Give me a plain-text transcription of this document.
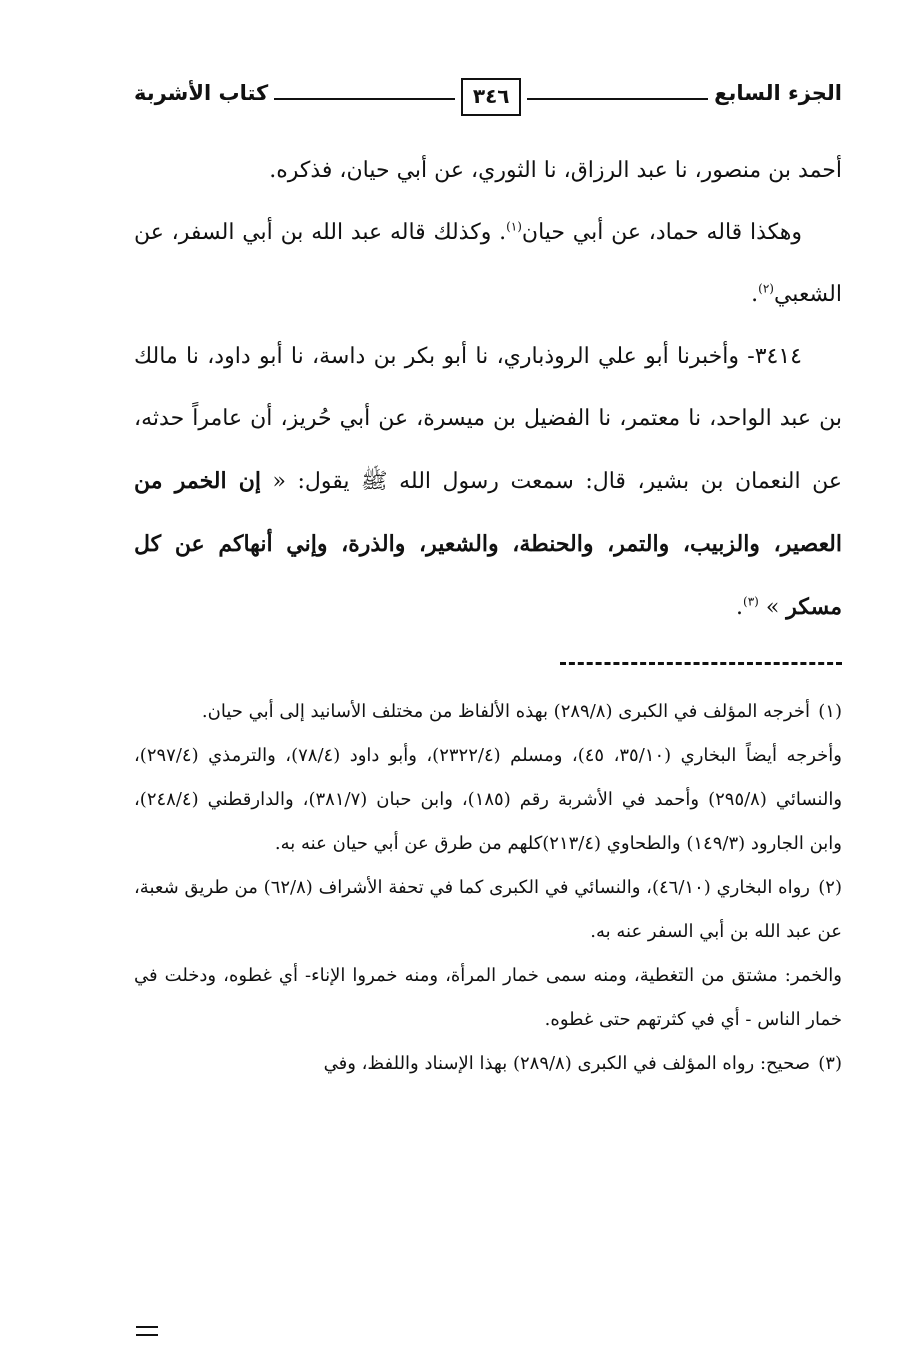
الجزء السابع
٣٤٦
كتاب الأشربة

أحمد بن منصور، نا عبد الرزاق، نا الثوري، عن أبي حيان، فذكره.

وهكذا قاله حماد، عن أبي حيان$^{(١)}$. وكذلك قاله عبد الله بن أبي السفر، عن الشعبي$^{(٢)}$.

٣٤١٤- وأخبرنا أبو علي الروذباري، نا أبو بكر بن داسة، نا أبو داود، نا مالك بن عبد الواحد، نا معتمر، نا الفضيل بن ميسرة، عن أبي حُريز، أن عامراً حدثه، عن النعمان بن بشير، قال: سمعت رسول الله ﷺ يقول: « إن الخمر من العصير، والزبيب، والتمر، والحنطة، والشعير، والذرة، وإني أنهاكم عن كل مسكر » $^{(٣)}$.

(١)أخرجه المؤلف في الكبرى (٢٨٩/٨) بهذه الألفاظ من مختلف الأسانيد إلى أبي حيان.

وأخرجه أيضاً البخاري (٣٥/١٠، ٤٥)، ومسلم (٢٣٢٢/٤)، وأبو داود (٧٨/٤)، والترمذي (٢٩٧/٤)، والنسائي (٢٩٥/٨) وأحمد في الأشربة رقم (١٨٥)، وابن حبان (٣٨١/٧)، والدارقطني (٢٤٨/٤)، وابن الجارود (١٤٩/٣) والطحاوي (٢١٣/٤)كلهم من طرق عن أبي حيان عنه به.

(٢)رواه البخاري (٤٦/١٠)، والنسائي في الكبرى كما في تحفة الأشراف (٦٢/٨) من طريق شعبة، عن عبد الله بن أبي السفر عنه به.

والخمر: مشتق من التغطية، ومنه سمى خمار المرأة، ومنه خمروا الإناء- أي غطوه، ودخلت في خمار الناس - أي في كثرتهم حتى غطوه.

(٣)صحيح: رواه المؤلف في الكبرى (٢٨٩/٨) بهذا الإسناد واللفظ، وفي
